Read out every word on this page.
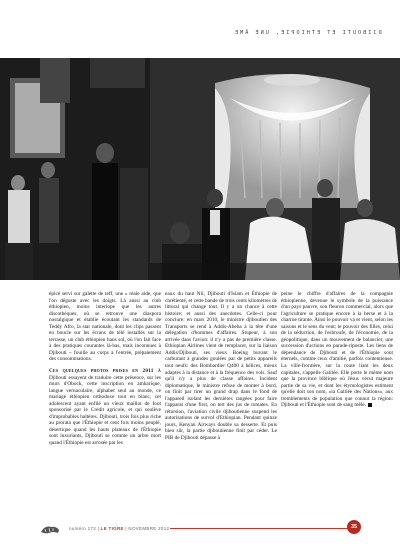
DJIBOUTI ET ETHIOPIE, UNE ÂME

épicé servi sur galette de teff, une « réale aide, que l'on déguste avec les doigts. Là aussi au club éthiopien, moins interlope que les autres discothèques, où se retrouve une diaspora nostalgique et établie écoutant les standards de Teddy Afro, la star nationale, dont les clips passent en boucle sur les écrans de télé installés sur la terrasse, un club éthiopien hans sol, où l'on fait face à des pratiques courantes là-bas, mais inconnues à Djibouti – fouille au corps à l'entrée, prépaiement des consommations.

Ces quelques photos prises en 2011 à Djibouti essayent de traduire cette présence, sur les murs d'Obock, cette inscription en amharique, langue vernaculaire, alphabet seul au monde, ce mariage éthiopien orthodoxe tout en blanc, cet adolescent ayant enfilé un vieux maillot de foot sponsorisé par le Crédit agricole, et qui soulève d'improbables haltères. Djibouti, trois fois plus riche au prorata que l'Éthiopie et cent fois moins peuplé, désertique quand les hauts plateaux de l'Éthiopie sont luxuriants, Djibouti se comme un arbre mort quand l'Éthiopie est arrosée par les

eaux du haut Nil, Djibouti d'Islam et Éthiopie de chrétienté, et cette bande de trois cents kilomètres de littoral qui change tout. Il y a un chance à cette histoire; et aussi des anecdotes. Celle-ci pour conclure: en mars 2010, le ministre djiboutien des Transports se rend à Addis-Abeba à la tête d'une délégation d'hommes d'affaires. Stupeur, à son arrivée dans l'avion: il n'y a pas de première classe. Ethiopian Airlines vient de remplacer, sur la liaison Addis/Djibouti, ses vieux Boeing buvant le carburant à grandes goulées par de petits appareils tout neufs: des Bombardier Q400 à hélices, mieux adaptés à la distance et à la fréquence des vols. Sauf qu'il n'y a plus de classe affaires. Incident diplomatique, le ministre refuse de monter à bord, on finit par tirer un grand drap dans le fond de l'appareil isolant les dernières rangées pour faire l'apparat d'une first, on tert des jus de tomates. En rétorsion, l'aviation civile djiboutienne suspend les autorisations de survol d'Ethiopian. Pendant quinze jours, Kenyan Airways double sa desserte. Et puis bien sûr, la partie djiboutienne finit par céder. Le PIB de Djibouti dépasse à

peine le chiffre d'affaires de la compagnie éthiopienne, devenue le symbole de la puissance d'un pays pauvre, son fleuron commercial, alors que l'agriculture se pratique encore à la herse et à la charrue tirante. Ainsi le pouvoir va et vient, selon les saisons et le sens du vent; le pouvoir des filles, celui de la séduction, de l'esbroufe, de l'économie, de la géopolitique, dans un mouvement de balancier, une succession d'actions en parade-riposte. Les liens de dépendance de Djibouti et de l'Éthiopie sont éternels, comme ceux d'amitié, parfois contentieuse. La ville-frontière, sur la route liant les deux capitales, s'appelle Galilée. Elle porte le même nom que la province biblique où Jésus vécut majeure partie de sa vie, et dont les étymologistes estiment qu'elle doit son nom, «la Galilée des Nations», aux tremblements de population que connut la région: Djibouti et l'Éthiopie sont de sang mêlé.

numéro 172 | LE TIGRE | NOVEMBRE 2012	35
